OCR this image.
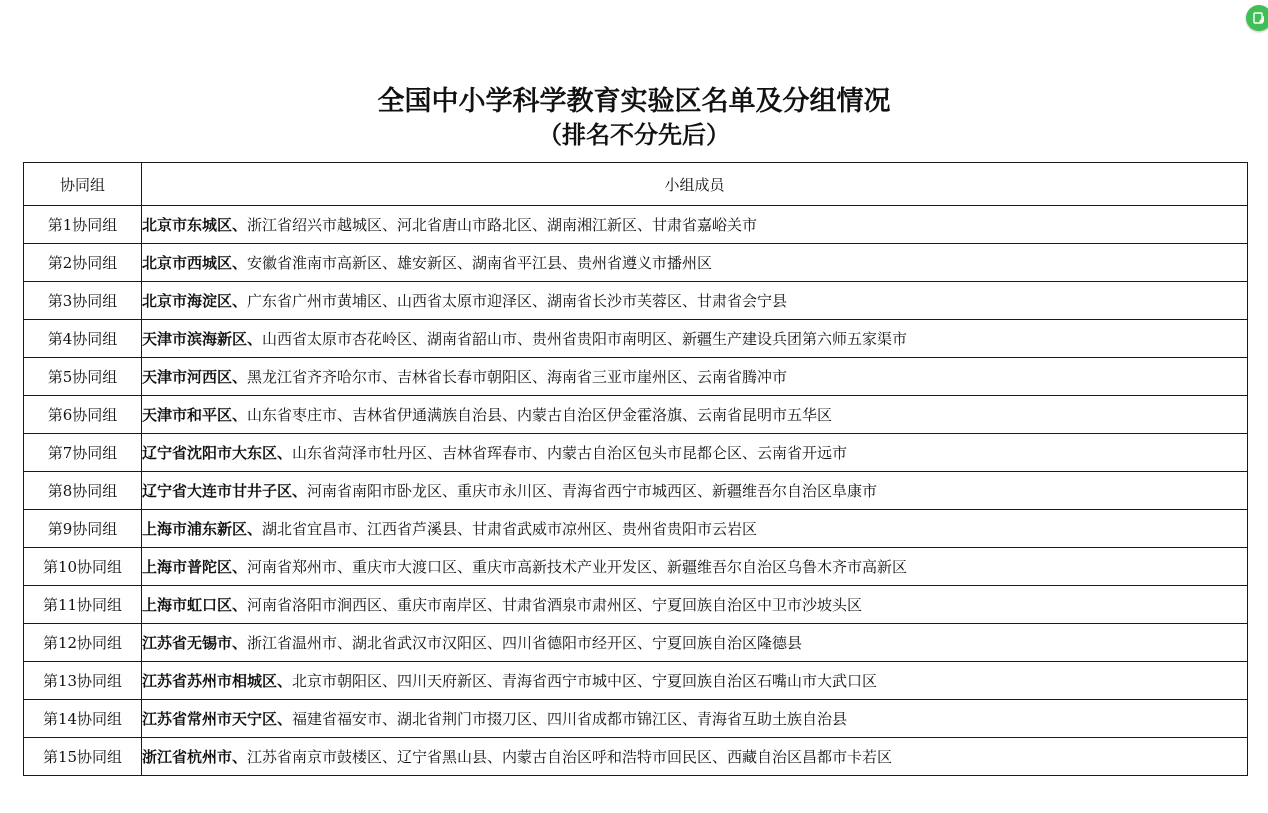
全国中小学科学教育实验区名单及分组情况
（排名不分先后）
协同组	小组成员
第1协同组	北京市东城区、浙江省绍兴市越城区、河北省唐山市路北区、湖南湘江新区、甘肃省嘉峪关市
第2协同组	北京市西城区、安徽省淮南市高新区、雄安新区、湖南省平江县、贵州省遵义市播州区
第3协同组	北京市海淀区、广东省广州市黄埔区、山西省太原市迎泽区、湖南省长沙市芙蓉区、甘肃省会宁县
第4协同组	天津市滨海新区、山西省太原市杏花岭区、湖南省韶山市、贵州省贵阳市南明区、新疆生产建设兵团第六师五家渠市
第5协同组	天津市河西区、黑龙江省齐齐哈尔市、吉林省长春市朝阳区、海南省三亚市崖州区、云南省腾冲市
第6协同组	天津市和平区、山东省枣庄市、吉林省伊通满族自治县、内蒙古自治区伊金霍洛旗、云南省昆明市五华区
第7协同组	辽宁省沈阳市大东区、山东省菏泽市牡丹区、吉林省珲春市、内蒙古自治区包头市昆都仑区、云南省开远市
第8协同组	辽宁省大连市甘井子区、河南省南阳市卧龙区、重庆市永川区、青海省西宁市城西区、新疆维吾尔自治区阜康市
第9协同组	上海市浦东新区、湖北省宜昌市、江西省芦溪县、甘肃省武威市凉州区、贵州省贵阳市云岩区
第10协同组	上海市普陀区、河南省郑州市、重庆市大渡口区、重庆市高新技术产业开发区、新疆维吾尔自治区乌鲁木齐市高新区
第11协同组	上海市虹口区、河南省洛阳市涧西区、重庆市南岸区、甘肃省酒泉市肃州区、宁夏回族自治区中卫市沙坡头区
第12协同组	江苏省无锡市、浙江省温州市、湖北省武汉市汉阳区、四川省德阳市经开区、宁夏回族自治区隆德县
第13协同组	江苏省苏州市相城区、北京市朝阳区、四川天府新区、青海省西宁市城中区、宁夏回族自治区石嘴山市大武口区
第14协同组	江苏省常州市天宁区、福建省福安市、湖北省荆门市掇刀区、四川省成都市锦江区、青海省互助土族自治县
第15协同组	浙江省杭州市、江苏省南京市鼓楼区、辽宁省黑山县、内蒙古自治区呼和浩特市回民区、西藏自治区昌都市卡若区
